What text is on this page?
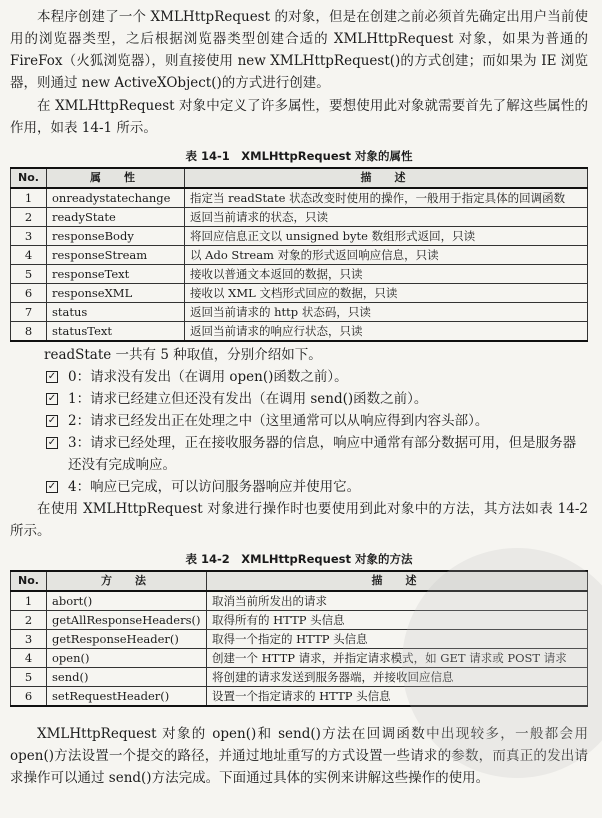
本程序创建了一个 XMLHttpRequest 的对象，但是在创建之前必须首先确定出用户当前使用的浏览器类型，之后根据浏览器类型创建合适的 XMLHttpRequest 对象，如果为普通的 FireFox（火狐浏览器），则直接使用 new XMLHttpRequest()的方式创建；而如果为 IE 浏览器，则通过 new ActiveXObject()的方式进行创建。

在 XMLHttpRequest 对象中定义了许多属性，要想使用此对象就需要首先了解这些属性的作用，如表 14-1 所示。

表 14-1　XMLHttpRequest 对象的属性
No.	属　性	描　述
1	onreadystatechange	指定当 readState 状态改变时使用的操作，一般用于指定具体的回调函数
2	readyState	返回当前请求的状态，只读
3	responseBody	将回应信息正文以 unsigned byte 数组形式返回，只读
4	responseStream	以 Ado Stream 对象的形式返回响应信息，只读
5	responseText	接收以普通文本返回的数据，只读
6	responseXML	接收以 XML 文档形式回应的数据，只读
7	status	返回当前请求的 http 状态码，只读
8	statusText	返回当前请求的响应行状态，只读
readState 一共有 5 种取值，分别介绍如下。
✓ 0：请求没有发出（在调用 open()函数之前）。
✓ 1：请求已经建立但还没有发出（在调用 send()函数之前）。
✓ 2：请求已经发出正在处理之中（这里通常可以从响应得到内容头部）。
✓ 3：请求已经处理，正在接收服务器的信息，响应中通常有部分数据可用，但是服务器还没有完成响应。
✓ 4：响应已完成，可以访问服务器响应并使用它。

在使用 XMLHttpRequest 对象进行操作时也要使用到此对象中的方法，其方法如表 14-2 所示。

表 14-2　XMLHttpRequest 对象的方法
No.	方　法	描　述
1	abort()	取消当前所发出的请求
2	getAllResponseHeaders()	取得所有的 HTTP 头信息
3	getResponseHeader()	取得一个指定的 HTTP 头信息
4	open()	创建一个 HTTP 请求，并指定请求模式，如 GET 请求或 POST 请求
5	send()	将创建的请求发送到服务器端，并接收回应信息
6	setRequestHeader()	设置一个指定请求的 HTTP 头信息

XMLHttpRequest 对象的 open()和 send()方法在回调函数中出现较多，一般都会用 open()方法设置一个提交的路径，并通过地址重写的方式设置一些请求的参数，而真正的发出请求操作可以通过 send()方法完成。下面通过具体的实例来讲解这些操作的使用。
